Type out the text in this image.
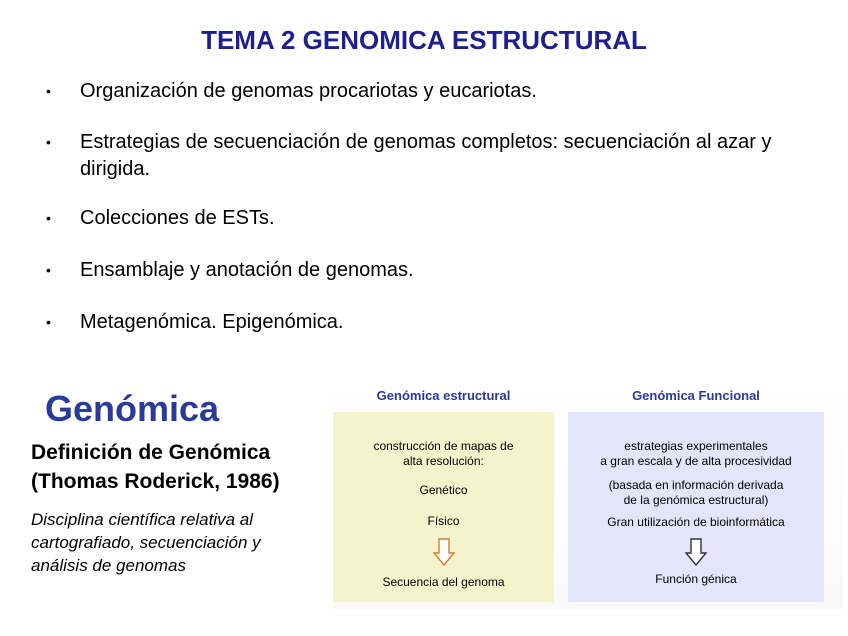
TEMA 2 GENOMICA ESTRUCTURAL
• Organización de genomas procariotas y eucariotas.
• Estrategias de secuenciación de genomas completos: secuenciación al azar y dirigida.
• Colecciones de ESTs.
• Ensamblaje y anotación de genomas.
• Metagenómica. Epigenómica.
Genómica
Definición de Genómica
(Thomas Roderick, 1986)
Disciplina científica relativa al
cartografiado, secuenciación y
análisis de genomas
Genómica estructural	Genómica Funcional
construcción de mapas de
alta resolución:
Genético
Físico
Secuencia del genoma
estrategias experimentales
a gran escala y de alta procesividad
(basada en información derivada
de la genómica estructural)
Gran utilización de bioinformática
Función génica
